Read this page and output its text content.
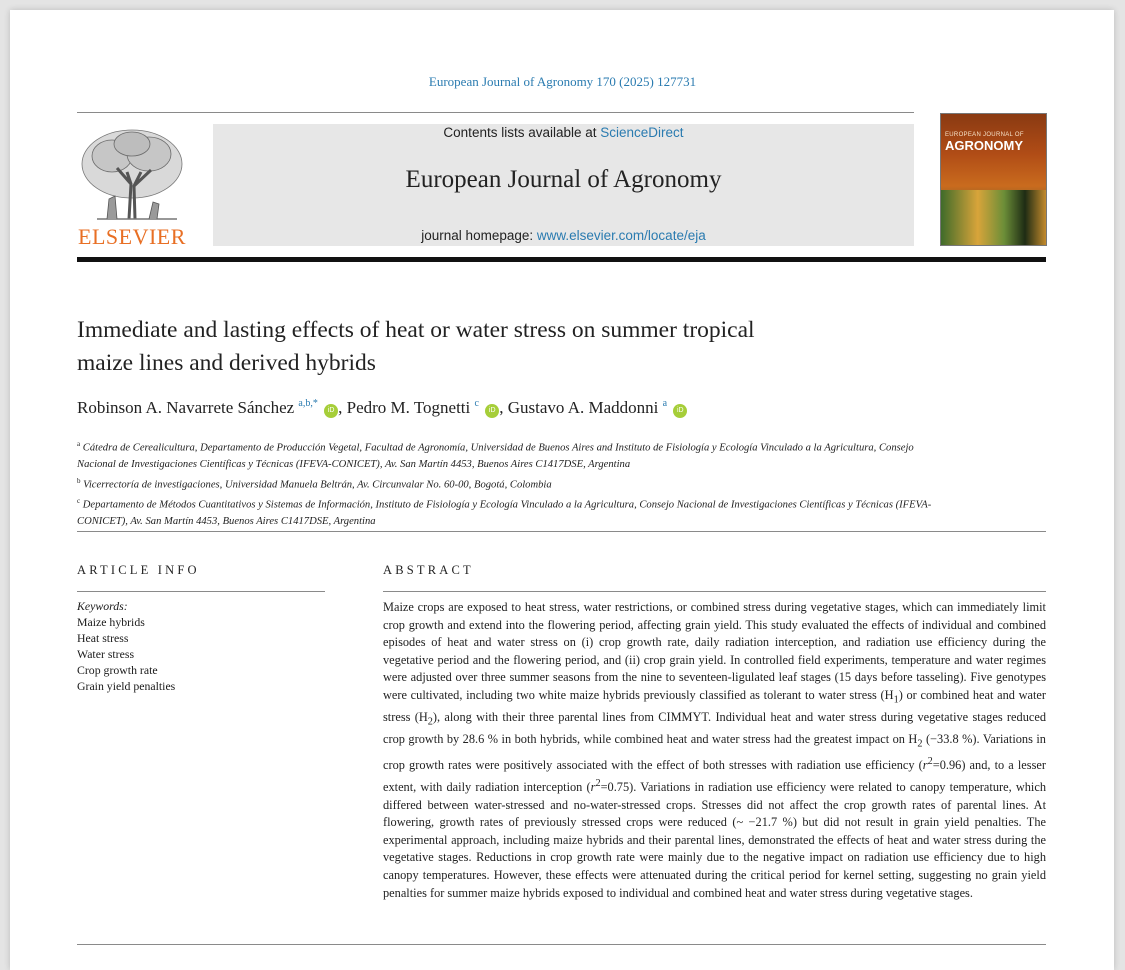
European Journal of Agronomy 170 (2025) 127731
ELSEVIER
Contents lists available at ScienceDirect
European Journal of Agronomy
journal homepage: www.elsevier.com/locate/eja
EUROPEAN JOURNAL OF
AGRONOMY
Immediate and lasting effects of heat or water stress on summer tropical
maize lines and derived hybrids
Robinson A. Navarrete Sánchez $^{a,b,*}$ iD , Pedro M. Tognetti $^c$ iD , Gustavo A. Maddonni $^a$ iD
$^a$ Cátedra de Cerealicultura, Departamento de Producción Vegetal, Facultad de Agronomía, Universidad de Buenos Aires and Instituto de Fisiología y Ecología Vinculado a la Agricultura, Consejo Nacional de Investigaciones Científicas y Técnicas (IFEVA-CONICET), Av. San Martín 4453, Buenos Aires C1417DSE, Argentina
$^b$ Vicerrectoría de investigaciones, Universidad Manuela Beltrán, Av. Circunvalar No. 60-00, Bogotá, Colombia
$^c$ Departamento de Métodos Cuantitativos y Sistemas de Información, Instituto de Fisiología y Ecología Vinculado a la Agricultura, Consejo Nacional de Investigaciones Científicas y Técnicas (IFEVA-CONICET), Av. San Martín 4453, Buenos Aires C1417DSE, Argentina
ARTICLE INFO	ABSTRACT
Keywords:
Maize hybrids
Heat stress
Water stress
Crop growth rate
Grain yield penalties

Maize crops are exposed to heat stress, water restrictions, or combined stress during vegetative stages, which can immediately limit crop growth and extend into the flowering period, affecting grain yield. This study evaluated the effects of individual and combined episodes of heat and water stress on (i) crop growth rate, daily radiation interception, and radiation use efficiency during the vegetative period and the flowering period, and (ii) crop grain yield. In controlled field experiments, temperature and water regimes were adjusted over three summer seasons from the nine to seventeen-ligulated leaf stages (15 days before tasseling). Five genotypes were cultivated, including two white maize hybrids previously classified as tolerant to water stress $(H_1)$ or combined heat and water stress $(H_2)$, along with their three parental lines from CIMMYT. Individual heat and water stress during vegetative stages reduced crop growth by 28.6 % in both hybrids, while combined heat and water stress had the greatest impact on $H_2$ (−33.8 %). Variations in crop growth rates were positively associated with the effect of both stresses with radiation use efficiency $(r^2=0.96)$ and, to a lesser extent, with daily radiation interception $(r^2=0.75)$. Variations in radiation use efficiency were related to canopy temperature, which differed between water-stressed and no-water-stressed crops. Stresses did not affect the crop growth rates of parental lines. At flowering, growth rates of previously stressed crops were reduced (~ −21.7 %) but did not result in grain yield penalties. The experimental approach, including maize hybrids and their parental lines, demonstrated the effects of heat and water stress during the vegetative stages. Reductions in crop growth rate were mainly due to the negative impact on radiation use efficiency due to high canopy temperatures. However, these effects were attenuated during the critical period for kernel setting, suggesting no grain yield penalties for summer maize hybrids exposed to individual and combined heat and water stress during vegetative stages.
